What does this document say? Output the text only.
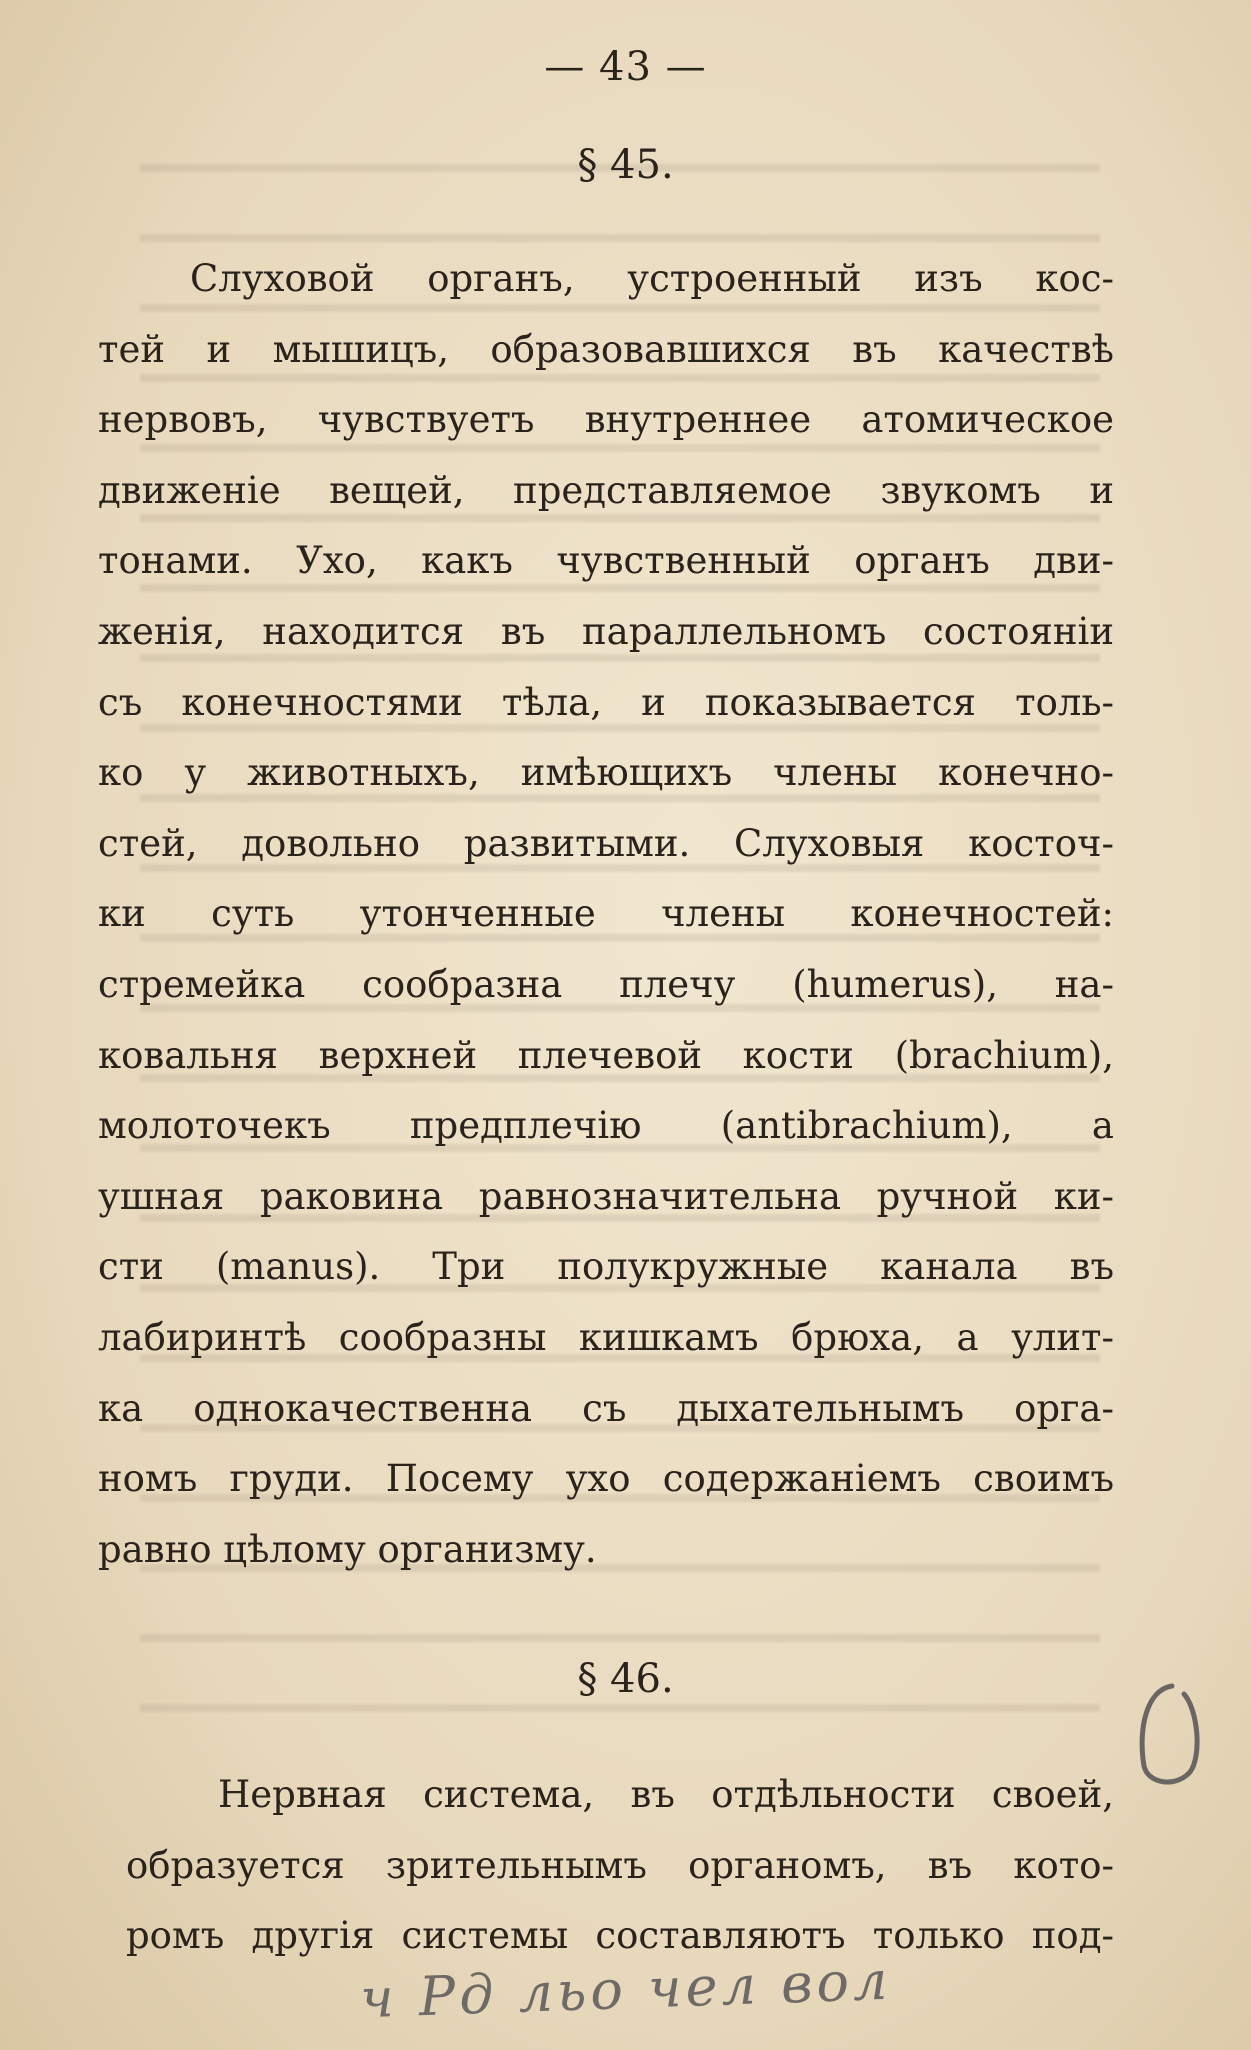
— 43 —
§ 45.
Слуховой органъ, устроенный изъ кос-
тей и мышицъ, образовавшихся въ качествѣ
нервовъ, чувствуетъ внутреннее атомическое
движенie вещей, представляемое звукомъ и
тонами. Ухо, какъ чувственный органъ дви-
женiя, находится въ параллельномъ состоянiи
съ конечностями тѣла, и показывается толь-
ко у животныхъ, имѣющихъ члены конечно-
стей, довольно развитыми. Слуховыя косточ-
ки суть утонченные члены конечностей:
стремейка сообразна плечу (humerus), на-
ковальня верхней плечевой кости (brachium),
молоточекъ предплечiю (antibrachium), а
ушная раковина равнозначительна ручной ки-
сти (manus). Три полукружные канала въ
лабиринтѣ сообразны кишкамъ брюха, а улит-
ка однокачественна съ дыхательнымъ орга-
номъ груди. Посему ухо содержанiемъ своимъ
равно цѣлому организму.
§ 46.
Нервная система, въ отдѣльности своей,
образуется зрительнымъ органомъ, въ кото-
ромъ другiя системы составляютъ только под-
ч Рд льо чел вол
